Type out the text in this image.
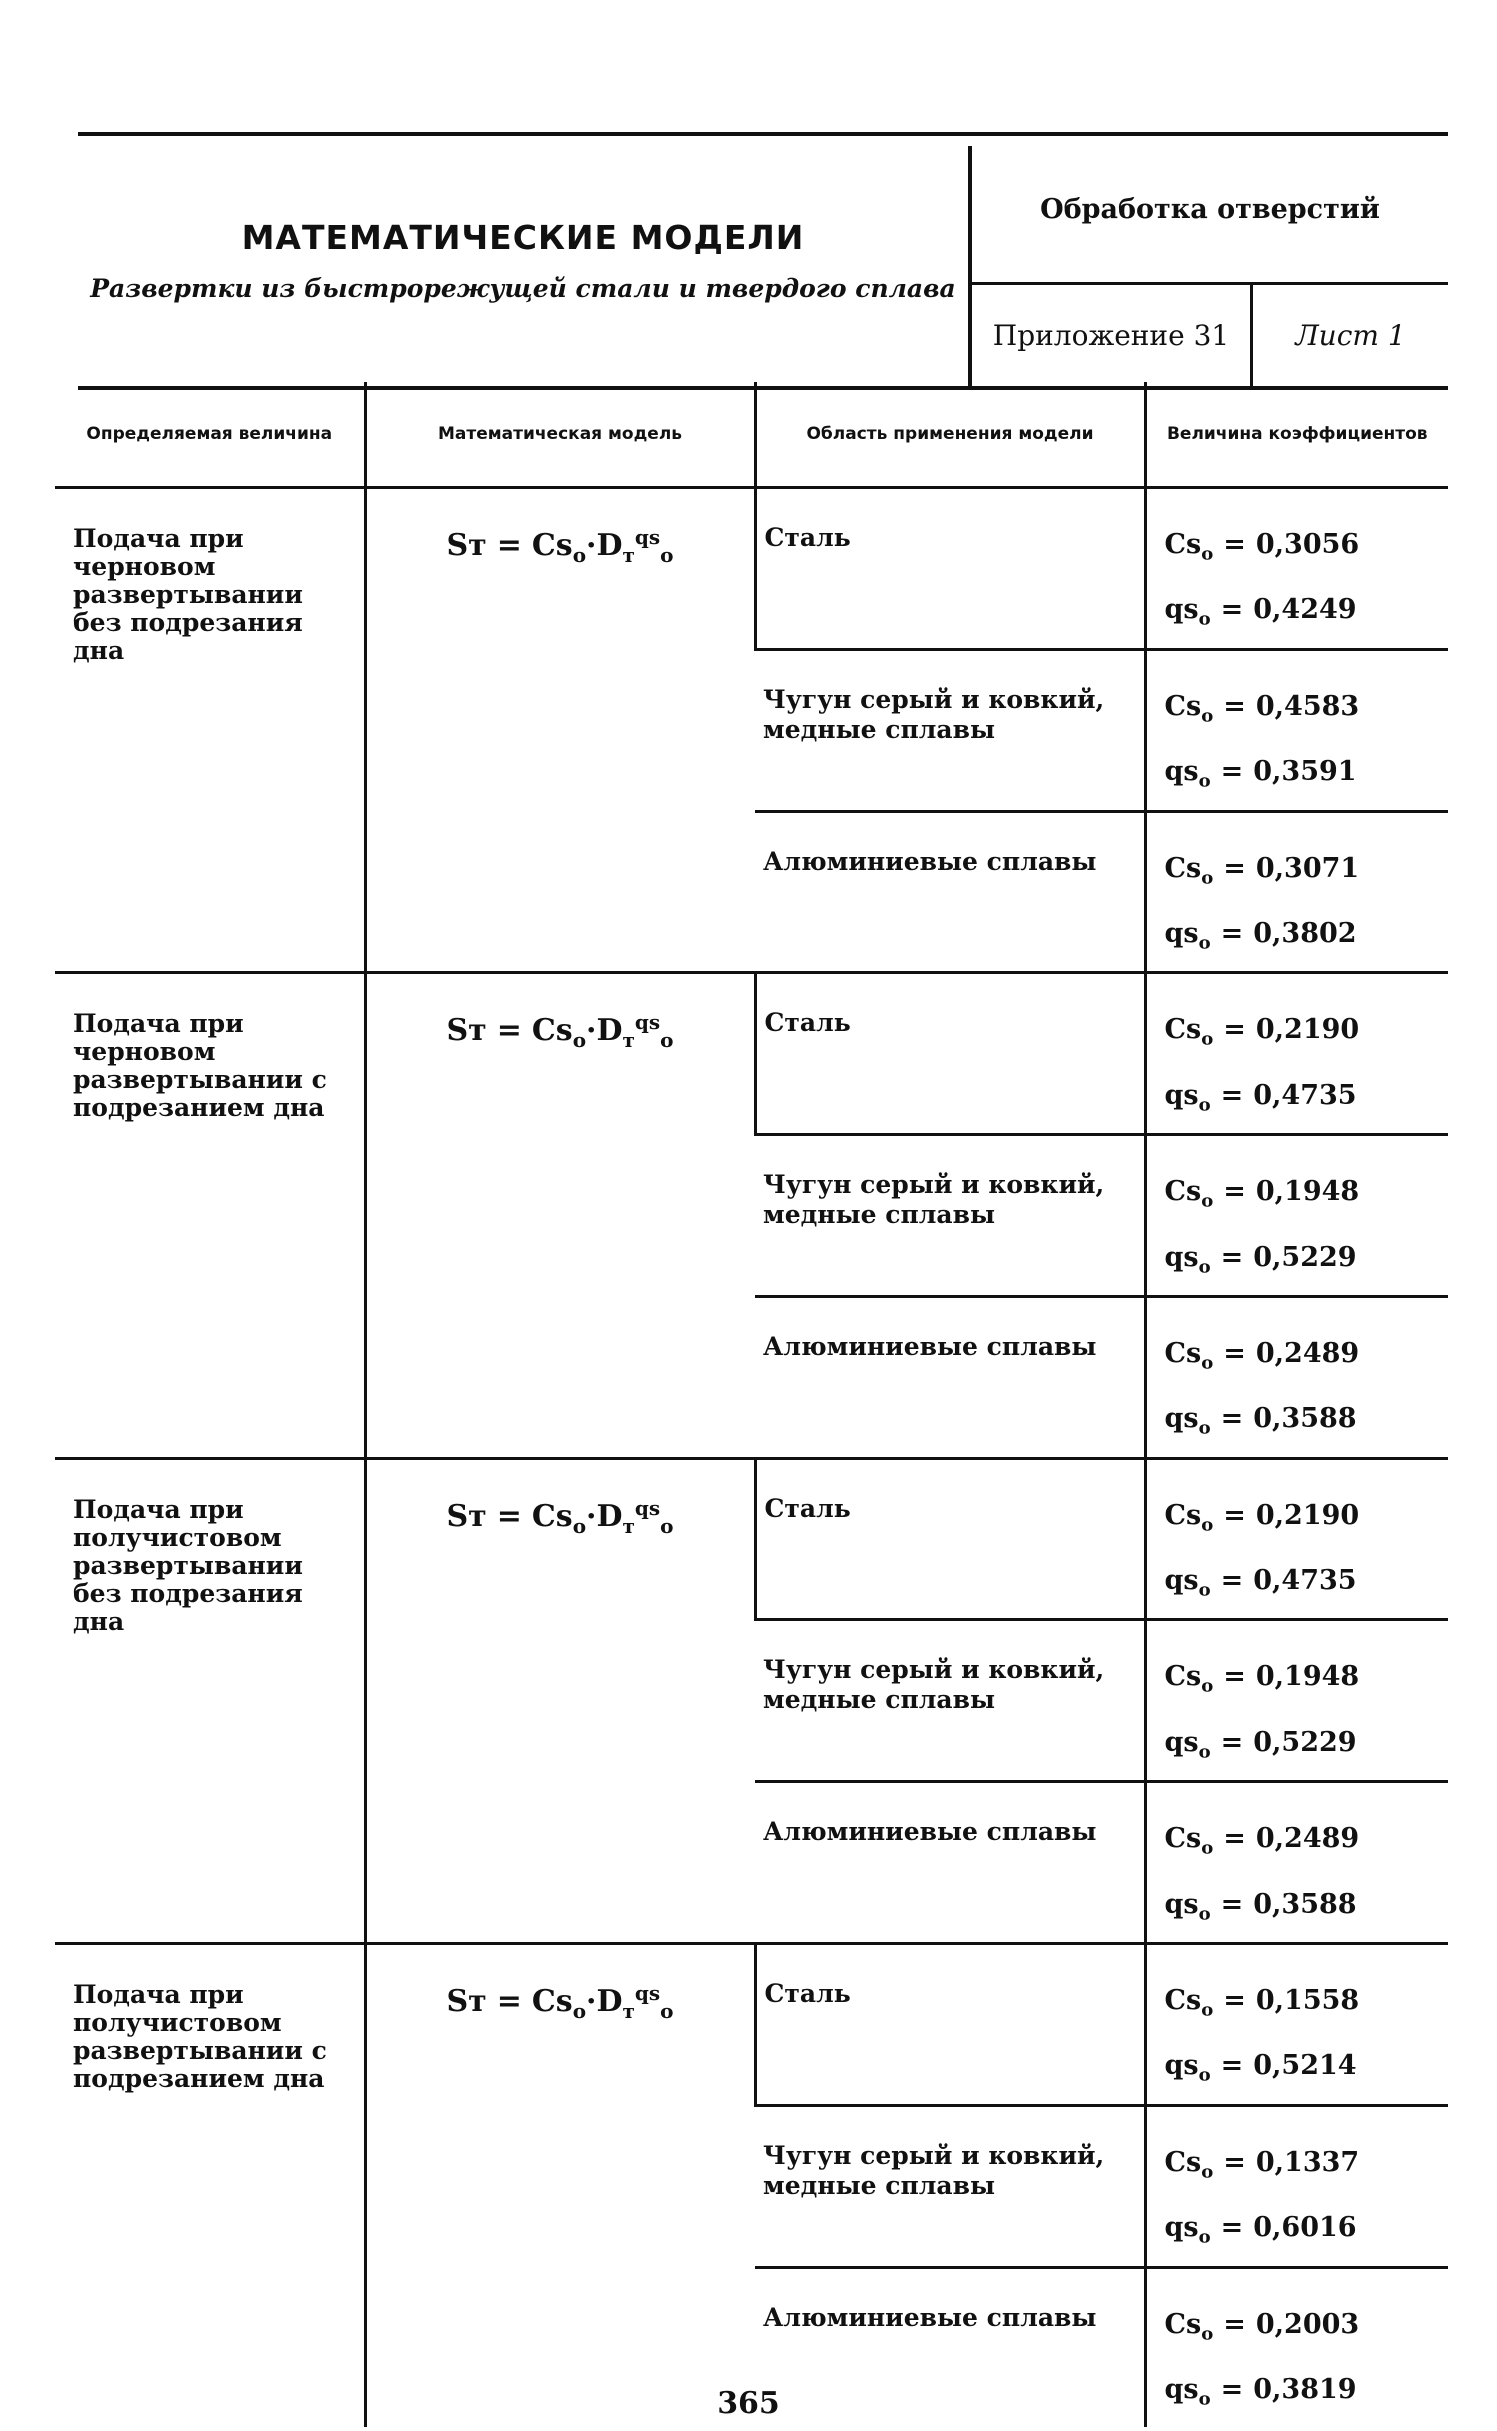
МАТЕМАТИЧЕСКИЕ МОДЕЛИ
Развертки из быстрорежущей стали и твердого сплава
Обработка отверстий
Приложение 31	Лист 1
Определяемая величина	Математическая модель	Область применения модели	Величина коэффициентов
Подача при черновом развертывании без подрезания дна	Sт = $Cs_o\cdot D_т^{qs}_o$	Сталь	$Cs_o = 0,3056$
$qs_o = 0,4249$

		Чугун серый и ковкий, медные сплавы	$Cs_o = 0,4583$
$qs_o = 0,3591$

		Алюминиевые сплавы	$Cs_o = 0,3071$
$qs_o = 0,3802$

Подача при черновом развертывании с подрезанием дна	Sт = $Cs_o\cdot D_т^{qs}_o$	Сталь	$Cs_o = 0,2190$
$qs_o = 0,4735$

		Чугун серый и ковкий, медные сплавы	$Cs_o = 0,1948$
$qs_o = 0,5229$

		Алюминиевые сплавы	$Cs_o = 0,2489$
$qs_o = 0,3588$

Подача при получистовом развертывании без подрезания дна	Sт = $Cs_o\cdot D_т^{qs}_o$	Сталь	$Cs_o = 0,2190$
$qs_o = 0,4735$

		Чугун серый и ковкий, медные сплавы	$Cs_o = 0,1948$
$qs_o = 0,5229$

		Алюминиевые сплавы	$Cs_o = 0,2489$
$qs_o = 0,3588$

Подача при получистовом развертывании с подрезанием дна	Sт = $Cs_o\cdot D_т^{qs}_o$	Сталь	$Cs_o = 0,1558$
$qs_o = 0,5214$

		Чугун серый и ковкий, медные сплавы	$Cs_o = 0,1337$
$qs_o = 0,6016$

		Алюминиевые сплавы	$Cs_o = 0,2003$
$qs_o = 0,3819$
365
